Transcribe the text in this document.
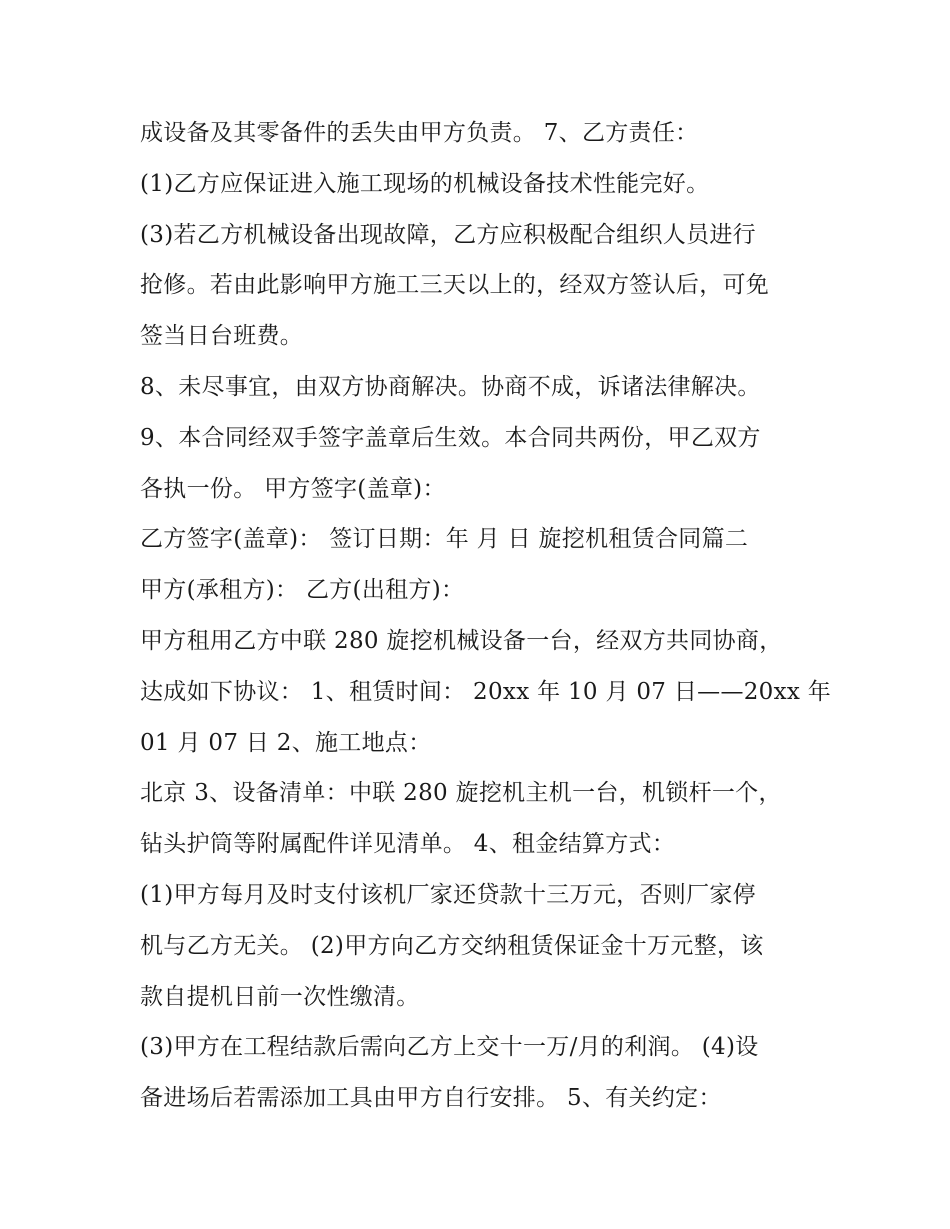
成设备及其零备件的丢失由甲方负责。 7、乙方责任：
(1)乙方应保证进入施工现场的机械设备技术性能完好。
(3)若乙方机械设备出现故障，乙方应积极配合组织人员进行
抢修。若由此影响甲方施工三天以上的，经双方签认后，可免
签当日台班费。
8、未尽事宜，由双方协商解决。协商不成，诉诸法律解决。
9、本合同经双手签字盖章后生效。本合同共两份，甲乙双方
各执一份。 甲方签字(盖章)：
乙方签字(盖章)： 签订日期：年 月 日 旋挖机租赁合同篇二
甲方(承租方)： 乙方(出租方)：
甲方租用乙方中联 280 旋挖机械设备一台，经双方共同协商，
达成如下协议： 1、租赁时间： 20xx 年 10 月 07 日——20xx 年
01 月 07 日 2、施工地点：
北京 3、设备清单：中联 280 旋挖机主机一台，机锁杆一个，
钻头护筒等附属配件详见清单。 4、租金结算方式：
(1)甲方每月及时支付该机厂家还贷款十三万元，否则厂家停
机与乙方无关。 (2)甲方向乙方交纳租赁保证金十万元整，该
款自提机日前一次性缴清。
(3)甲方在工程结款后需向乙方上交十一万/月的利润。 (4)设
备进场后若需添加工具由甲方自行安排。 5、有关约定：
